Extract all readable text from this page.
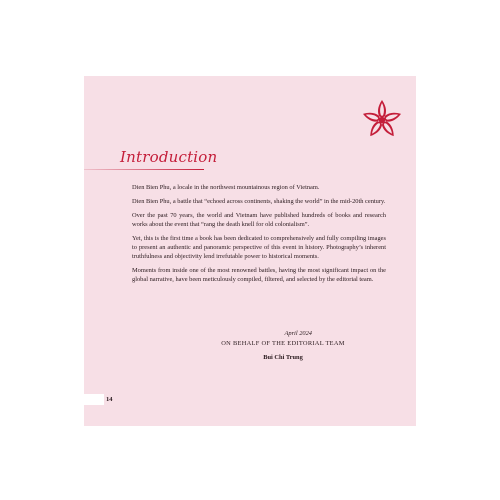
Introduction

Dien Bien Phu, a locale in the northwest mountainous region of Vietnam.

Dien Bien Phu, a battle that “echoed across continents, shaking the world” in the mid-20th century.

Over the past 70 years, the world and Vietnam have published hundreds of books and research works about the event that “rang the death knell for old colonialism”.

Yet, this is the first time a book has been dedicated to comprehensively and fully compiling images to present an authentic and panoramic perspective of this event in history. Photography’s inherent truthfulness and objectivity lend irrefutable power to historical moments.

Moments from inside one of the most renowned battles, having the most significant impact on the global narrative, have been meticulously compiled, filtered, and selected by the editorial team.

April 2024
ON BEHALF OF THE EDITORIAL TEAM
Bui Chi Trung
14
